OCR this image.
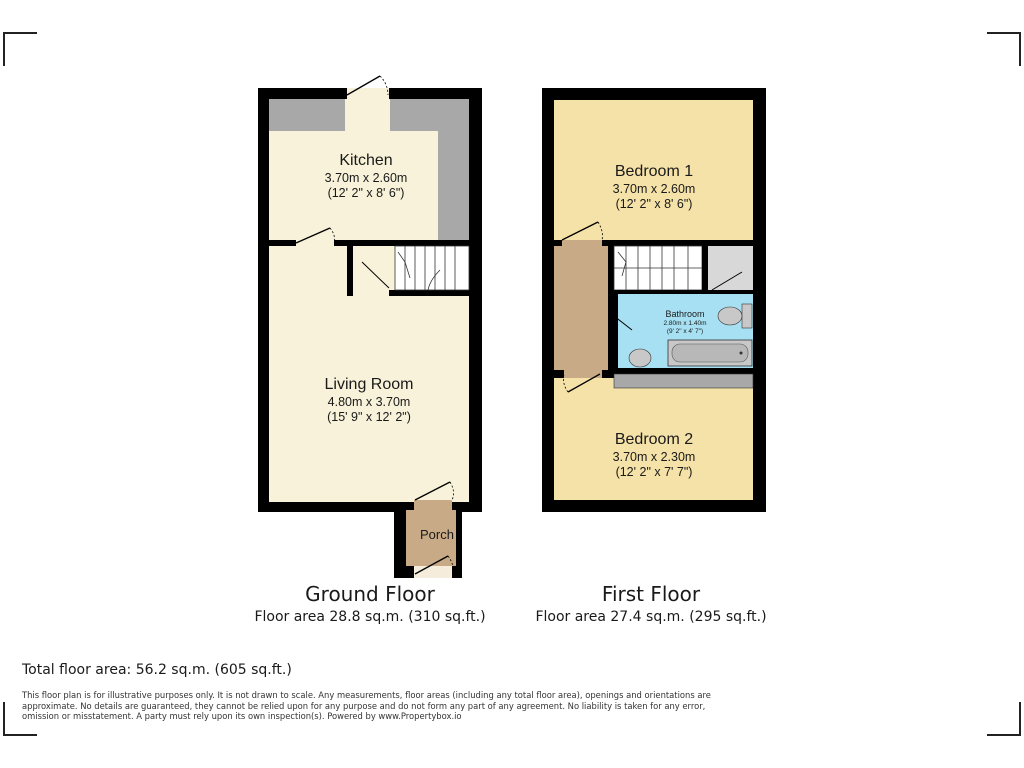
Kitchen
3.70m x 2.60m
(12' 2" x 8' 6")
Living Room
4.80m x 3.70m
(15' 9" x 12' 2")
Porch
Bedroom 1
3.70m x 2.60m
(12' 2" x 8' 6")
Bathroom
2.80m x 1.40m
(9' 2" x 4' 7")
Bedroom 2
3.70m x 2.30m
(12' 2" x 7' 7")
Ground Floor
Floor area 28.8 sq.m. (310 sq.ft.)
First Floor
Floor area 27.4 sq.m. (295 sq.ft.)
Total floor area: 56.2 sq.m. (605 sq.ft.)
This floor plan is for illustrative purposes only. It is not drawn to scale. Any measurements, floor areas (including any total floor area), openings and orientations are approximate. No details are guaranteed, they cannot be relied upon for any purpose and do not form any part of any agreement. No liability is taken for any error, omission or misstatement. A party must rely upon its own inspection(s). Powered by www.Propertybox.io
